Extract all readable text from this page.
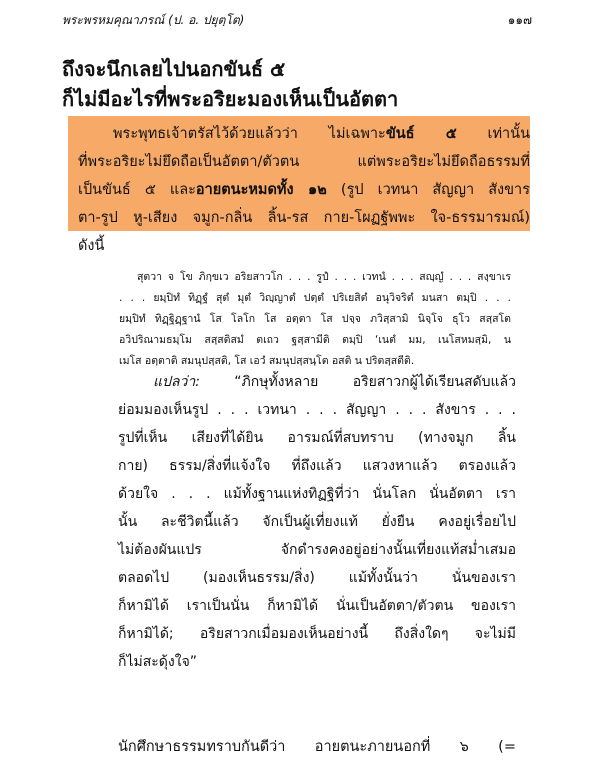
พระพรหมคุณาภรณ์ (ป. อ. ปยุตฺโต)	๑๑๗
ถึงจะนึกเลยไปนอกขันธ์ ๕
ก็ไม่มีอะไรที่พระอริยะมองเห็นเป็นอัตตา
พระพุทธเจ้าตรัสไว้ด้วยแล้วว่า ไม่เฉพาะขันธ์ ๕ เท่านั้น
ที่พระอริยะไม่ยึดถือเป็นอัตตา/ตัวตน แต่พระอริยะไม่ยึดถือธรรมที่
เป็นขันธ์ ๕ และอายตนะหมดทั้ง ๑๒ (รูป เวทนา สัญญา สังขาร
ตา-รูป หู-เสียง จมูก-กลิ่น ลิ้น-รส กาย-โผฏฐัพพะ ใจ-ธรรมารมณ์)
ดังนี้
สุตวา จ โข ภิกฺขเว อริยสาวโก . . . รูปํ . . . เวทนํ . . . สญฺญํ . . . สงฺขาเร
. . . ยมฺปิทํ ทิฏฺฐํ สุตํ มุตํ วิญฺญาตํ ปตฺตํ ปริเยสิตํ อนุวิจริตํ มนสา ตมฺปิ . . .
ยมฺปิทํ ทิฏฺฐิฏฺฐานํ โส โลโก โส อตฺตา โส ปจฺจ ภวิสฺสามิ นิจฺโจ ธุโว สสฺสโต
อวิปริณามธมฺโม สสฺสติสมํ ตเถว ฐสฺสามีติ ตมฺปิ ‘เนตํ มม, เนโสหมสฺมิ, น
เมโส อตฺตาติ สมนุปสฺสติ, โส เอวํ สมนุปสฺสนฺโต อสติ น ปริตสฺสตีติ.
แปลว่า: “ภิกษุทั้งหลาย อริยสาวกผู้ได้เรียนสดับแล้ว
ย่อมมองเห็นรูป . . . เวทนา . . . สัญญา . . . สังขาร . . .
รูปที่เห็น เสียงที่ได้ยิน อารมณ์ที่สบทราบ (ทางจมูก ลิ้น
กาย) ธรรม/สิ่งที่แจ้งใจ ที่ถึงแล้ว แสวงหาแล้ว ตรองแล้ว
ด้วยใจ . . . แม้ทั้งฐานแห่งทิฏฐิที่ว่า นั่นโลก นั่นอัตตา เรา
นั้น ละชีวิตนี้แล้ว จักเป็นผู้เที่ยงแท้ ยั่งยืน คงอยู่เรื่อยไป
ไม่ต้องผันแปร จักดำรงคงอยู่อย่างนั้นเที่ยงแท้สม่ำเสมอ
ตลอดไป (มองเห็นธรรม/สิ่ง) แม้ทั้งนั้นว่า นั่นของเรา
ก็หามิได้ เราเป็นนั่น ก็หามิได้ นั่นเป็นอัตตา/ตัวตน ของเรา
ก็หามิได้; อริยสาวกเมื่อมองเห็นอย่างนี้ ถึงสิ่งใดๆ จะไม่มี
ก็ไม่สะดุ้งใจ”
นักศึกษาธรรมทราบกันดีว่า อายตนะภายนอกที่ ๖ (=
